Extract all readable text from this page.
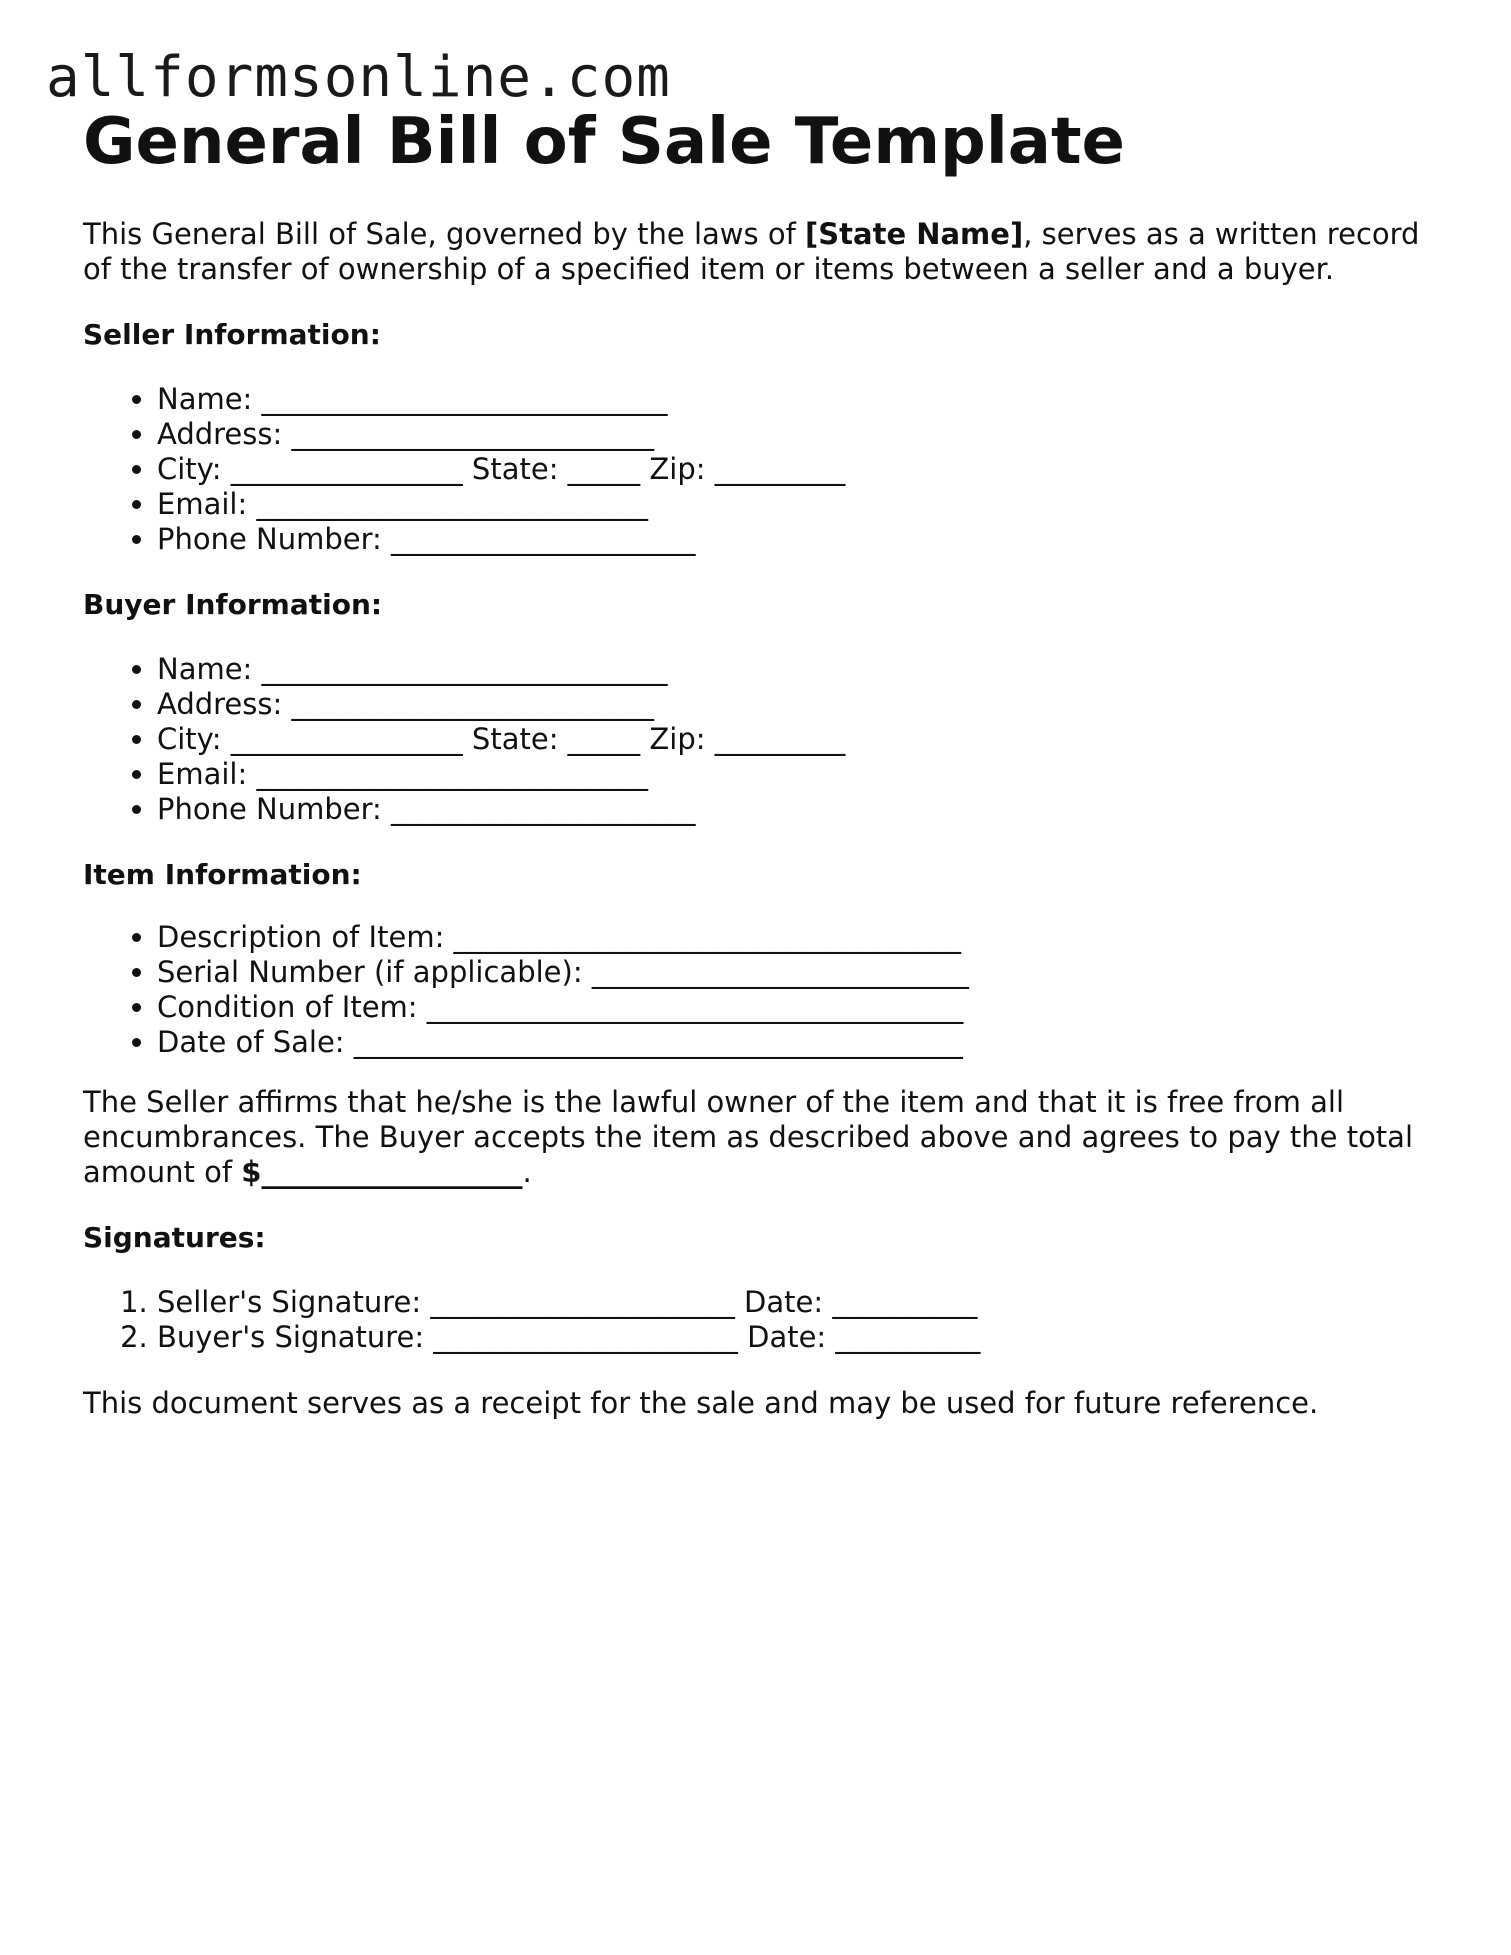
allformsonline.com
General Bill of Sale Template

This General Bill of Sale, governed by the laws of [State Name], serves as a written record of the transfer of ownership of a specified item or items between a seller and a buyer.

Seller Information:

• Name: ____________________________
• Address: _________________________
• City: ________________ State: _____ Zip: _________
• Email: ___________________________
• Phone Number: _____________________

Buyer Information:

• Name: ____________________________
• Address: _________________________
• City: ________________ State: _____ Zip: _________
• Email: ___________________________
• Phone Number: _____________________

Item Information:

• Description of Item: ___________________________________
• Serial Number (if applicable): __________________________
• Condition of Item: _____________________________________
• Date of Sale: __________________________________________

The Seller affirms that he/she is the lawful owner of the item and that it is free from all encumbrances. The Buyer accepts the item as described above and agrees to pay the total amount of $__________________.

Signatures:

1. Seller's Signature: _____________________ Date: __________
2. Buyer's Signature: _____________________ Date: __________

This document serves as a receipt for the sale and may be used for future reference.
